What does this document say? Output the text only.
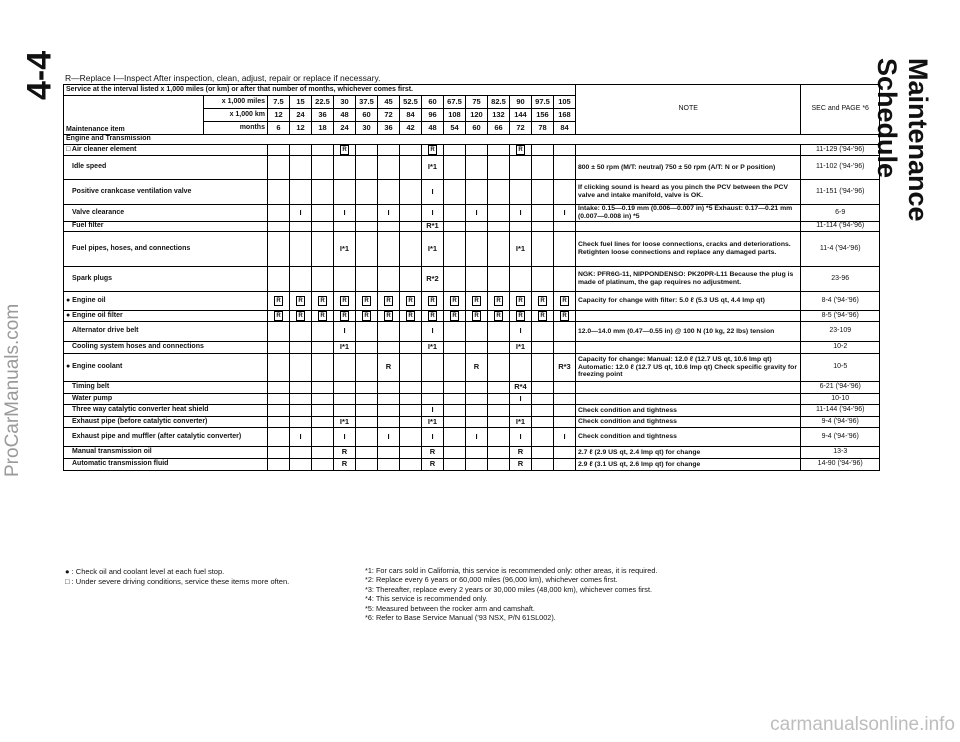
4-4	Maintenance Schedule
ProCarManuals.com
carmanualsonline.info
R—Replace I—Inspect After inspection, clean, adjust, repair or replace if necessary.
Service at the interval listed x 1,000 miles (or km) or after that number of months, whichever comes first.																NOTE	SEC and PAGE *6
Maintenance item	x 1,000 miles	7.5	15	22.5	30	37.5	45	52.5	60	67.5	75	82.5	90	97.5	105		
	x 1,000 km	12	24	36	48	60	72	84	96	108	120	132	144	156	168		
	months	6	12	18	24	30	36	42	48	54	60	66	72	78	84		
Engine and Transmission																	
□ Air cleaner element					R				R				R				11-129 ('94-'96)
Idle speed									I*1							800 ± 50 rpm (M/T: neutral) 750 ± 50 rpm (A/T: N or P position)	11-102 ('94-'96)
Positive crankcase ventilation valve									I							If clicking sound is heard as you pinch the PCV between the PCV valve and intake manifold, valve is OK.	11-151 ('94-'96)
Valve clearance			I		I		I		I		I		I		I	Intake: 0.15—0.19 mm (0.006—0.007 in) *5 Exhaust: 0.17—0.21 mm (0.007—0.008 in) *5	6-9
Fuel filter									R*1								11-114 ('94-'96)
Fuel pipes, hoses, and connections					I*1				I*1				I*1			Check fuel lines for loose connections, cracks and deteriorations. Retighten loose connections and replace any damaged parts.	11-4 ('94-'96)
Spark plugs									R*2							NGK: PFR6G-11, NIPPONDENSO: PK20PR-L11 Because the plug is made of platinum, the gap requires no adjustment.	23-96
● Engine oil		R	R	R	R	R	R	R	R	R	R	R	R	R	R	Capacity for change with filter: 5.0 ℓ (5.3 US qt, 4.4 Imp qt)	8-4 ('94-'96)
● Engine oil filter		R	R	R	R	R	R	R	R	R	R	R	R	R	R		8-5 ('94-'96)
Alternator drive belt					I				I				I			12.0—14.0 mm (0.47—0.55 in) @ 100 N (10 kg, 22 lbs) tension	23-109
Cooling system hoses and connections					I*1				I*1				I*1				10-2
● Engine coolant							R				R				R*3	Capacity for change: Manual: 12.0 ℓ (12.7 US qt, 10.6 Imp qt) Automatic: 12.0 ℓ (12.7 US qt, 10.6 Imp qt) Check specific gravity for freezing point	10-5
Timing belt													R*4				6-21 ('94-'96)
Water pump													I				10-10
Three way catalytic converter heat shield									I							Check condition and tightness	11-144 ('94-'96)
Exhaust pipe (before catalytic converter)					I*1				I*1				I*1			Check condition and tightness	9-4 ('94-'96)
Exhaust pipe and muffler (after catalytic converter)			I		I		I		I		I		I		I	Check condition and tightness	9-4 ('94-'96)
Manual transmission oil					R				R				R			2.7 ℓ (2.9 US qt, 2.4 Imp qt) for change	13-3
Automatic transmission fluid					R				R				R			2.9 ℓ (3.1 US qt, 2.6 Imp qt) for change	14-90 ('94-'96)
● : Check oil and coolant level at each fuel stop.
□ : Under severe driving conditions, service these items more often.
*1: For cars sold in California, this service is recommended only: other areas, it is required.
*2: Replace every 6 years or 60,000 miles (96,000 km), whichever comes first.
*3: Thereafter, replace every 2 years or 30,000 miles (48,000 km), whichever comes first.
*4: This service is recommended only.
*5: Measured between the rocker arm and camshaft.
*6: Refer to Base Service Manual ('93 NSX, P/N 61SL002).
